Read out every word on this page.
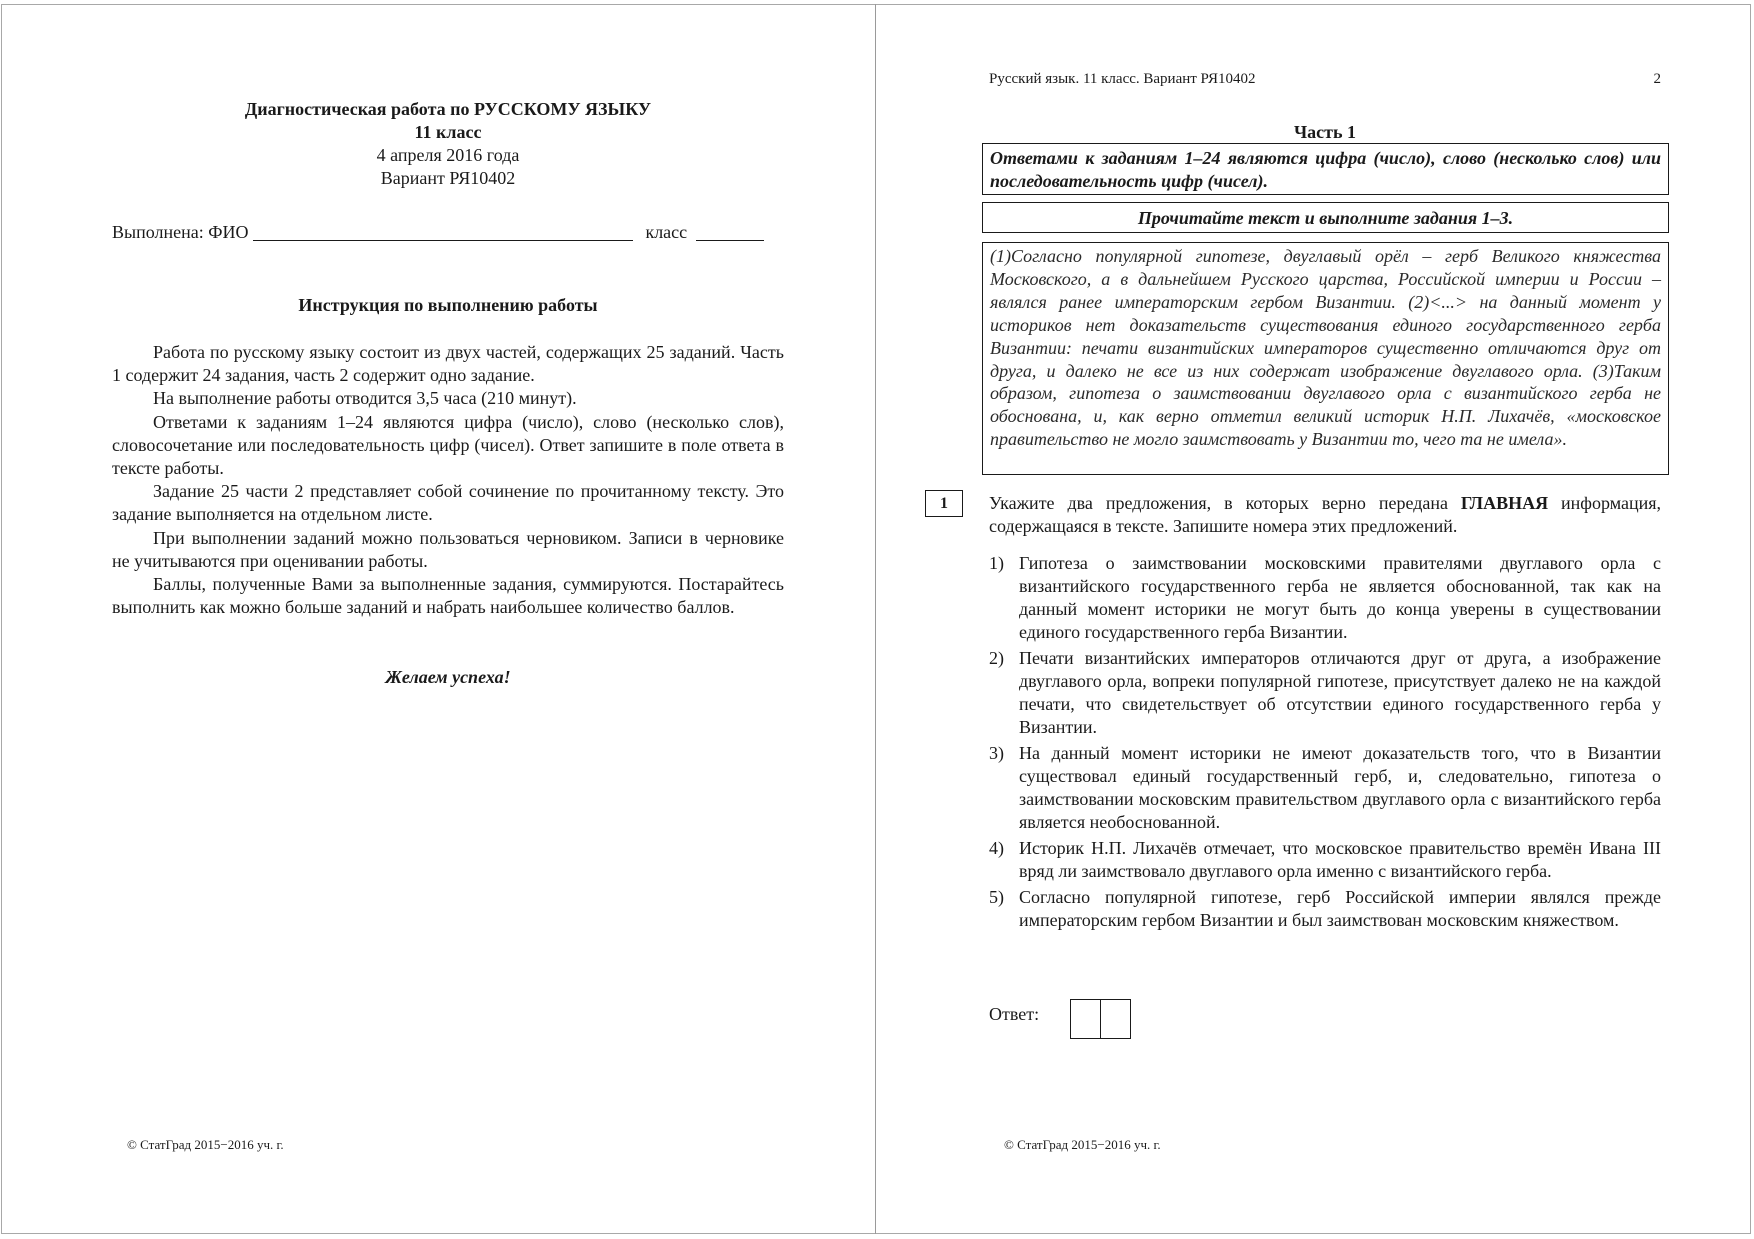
Диагностическая работа по РУССКОМУ ЯЗЫКУ
11 класс
4 апреля 2016 года
Вариант РЯ10402
Выполнена: ФИО	класс
Инструкция по выполнению работы

Работа по русскому языку состоит из двух частей, содержащих 25 заданий. Часть 1 содержит 24 задания, часть 2 содержит одно задание.

На выполнение работы отводится 3,5 часа (210 минут).

Ответами к заданиям 1–24 являются цифра (число), слово (несколько слов), словосочетание или последовательность цифр (чисел). Ответ запишите в поле ответа в тексте работы.

Задание 25 части 2 представляет собой сочинение по прочитанному тексту. Это задание выполняется на отдельном листе.

При выполнении заданий можно пользоваться черновиком. Записи в черновике не учитываются при оценивании работы.

Баллы, полученные Вами за выполненные задания, суммируются. Постарайтесь выполнить как можно больше заданий и набрать наибольшее количество баллов.

Желаем успеха!
© СтатГрад 2015−2016 уч. г.
Русский язык. 11 класс. Вариант РЯ10402	2
Часть 1
Ответами к заданиям 1–24 являются цифра (число), слово (несколько слов) или последовательность цифр (чисел).
Прочитайте текст и выполните задания 1–3.
(1)Согласно популярной гипотезе, двуглавый орёл – герб Великого княжества Московского, а в дальнейшем Русского царства, Российской империи и России – являлся ранее императорским гербом Византии. (2)<...> на данный момент у историков нет доказательств существования единого государственного герба Византии: печати византийских императоров существенно отличаются друг от друга, и далеко не все из них содержат изображение двуглавого орла. (3)Таким образом, гипотеза о заимствовании двуглавого орла с византийского герба не обоснована, и, как верно отметил великий историк Н.П. Лихачёв, «московское правительство не могло заимствовать у Византии то, чего та не имела».
1	Укажите два предложения, в которых верно передана ГЛАВНАЯ информация, содержащаяся в тексте. Запишите номера этих предложений.
1) Гипотеза о заимствовании московскими правителями двуглавого орла с византийского государственного герба не является обоснованной, так как на данный момент историки не могут быть до конца уверены в существовании единого государственного герба Византии.
2) Печати византийских императоров отличаются друг от друга, а изображение двуглавого орла, вопреки популярной гипотезе, присутствует далеко не на каждой печати, что свидетельствует об отсутствии единого государственного герба у Византии.
3) На данный момент историки не имеют доказательств того, что в Византии существовал единый государственный герб, и, следовательно, гипотеза о заимствовании московским правительством двуглавого орла с византийского герба является необоснованной.
4) Историк Н.П. Лихачёв отмечает, что московское правительство времён Ивана III вряд ли заимствовало двуглавого орла именно с византийского герба.
5) Согласно популярной гипотезе, герб Российской империи являлся прежде императорским гербом Византии и был заимствован московским княжеством.
Ответ:
© СтатГрад 2015−2016 уч. г.
